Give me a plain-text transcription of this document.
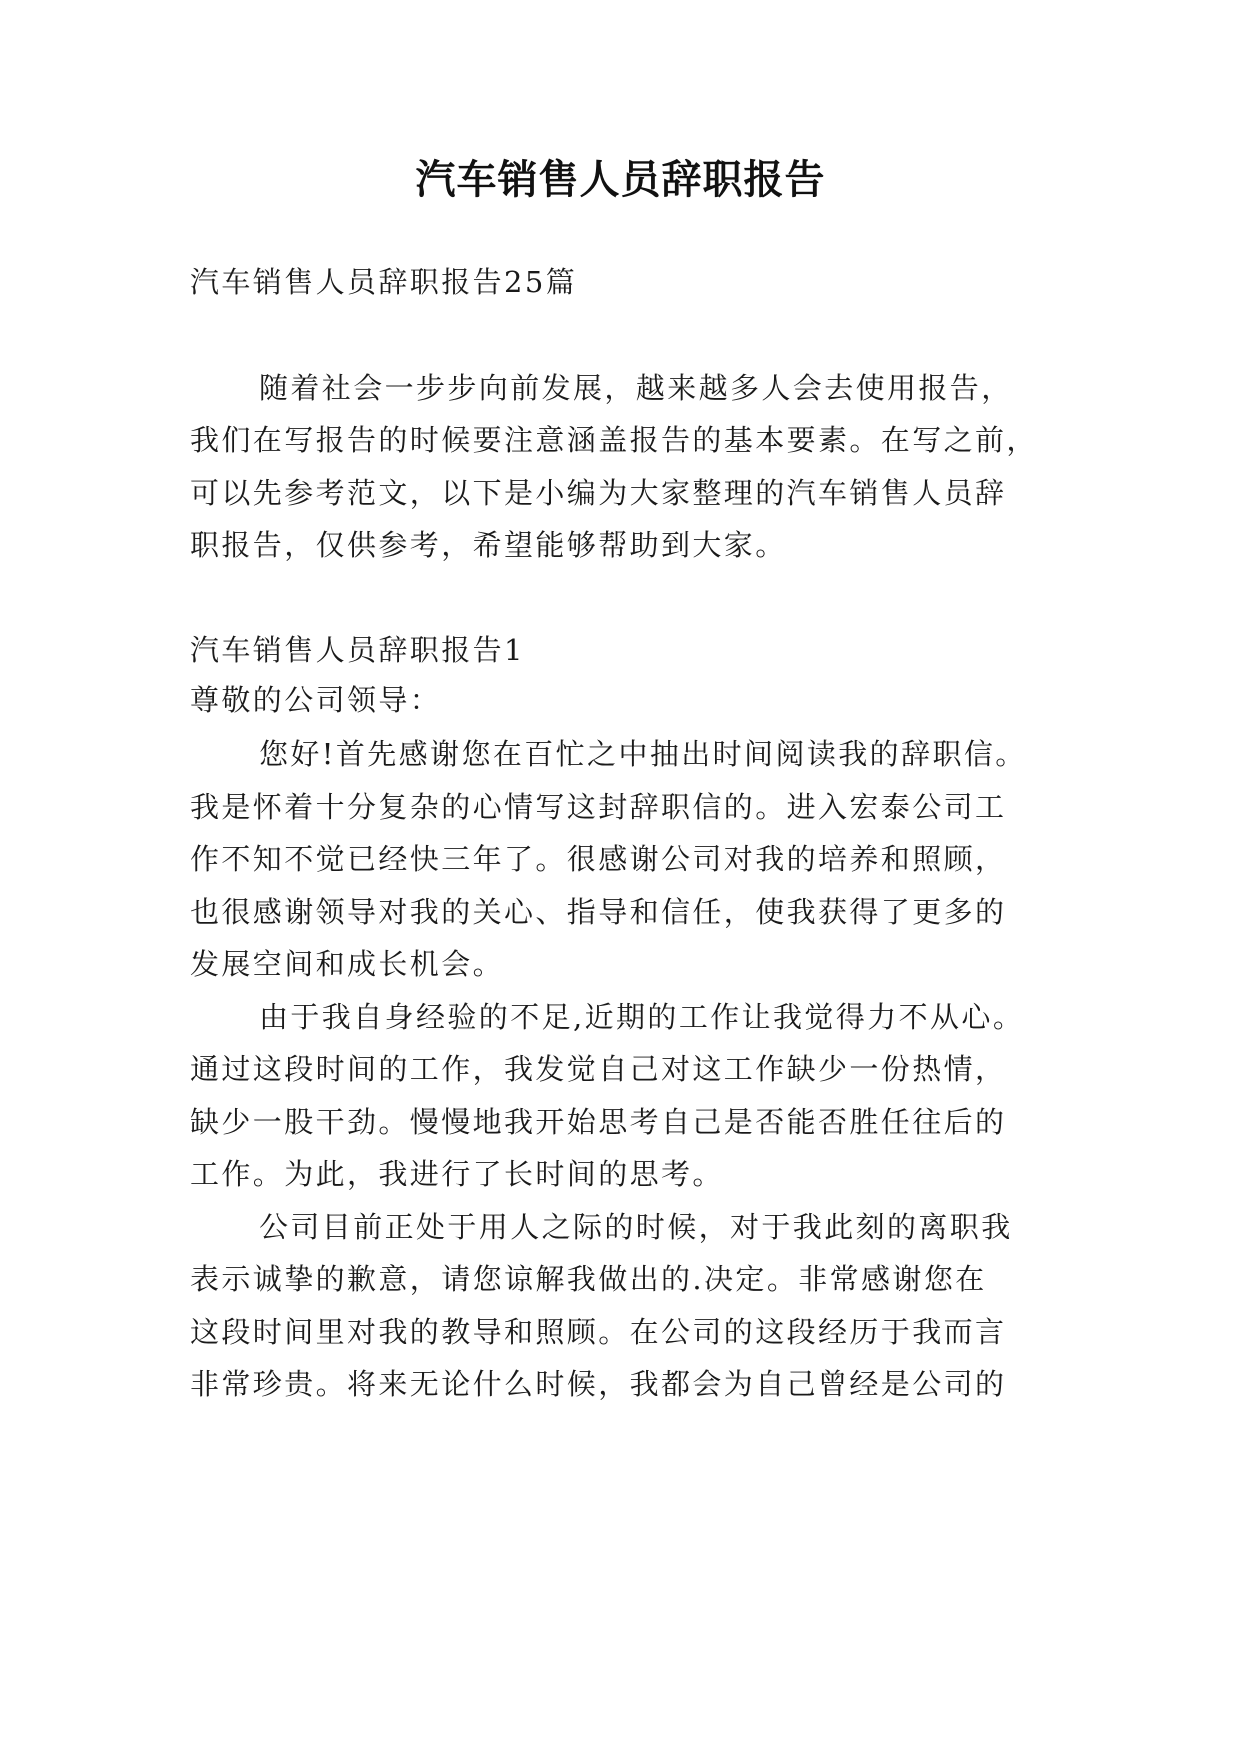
汽车销售人员辞职报告
汽车销售人员辞职报告25篇
随着社会一步步向前发展，越来越多人会去使用报告，
我们在写报告的时候要注意涵盖报告的基本要素。在写之前，
可以先参考范文，以下是小编为大家整理的汽车销售人员辞
职报告，仅供参考，希望能够帮助到大家。
汽车销售人员辞职报告1
尊敬的公司领导：
您好!首先感谢您在百忙之中抽出时间阅读我的辞职信。
我是怀着十分复杂的心情写这封辞职信的。进入宏泰公司工
作不知不觉已经快三年了。很感谢公司对我的培养和照顾，
也很感谢领导对我的关心、指导和信任，使我获得了更多的
发展空间和成长机会。
由于我自身经验的不足,近期的工作让我觉得力不从心。
通过这段时间的工作，我发觉自己对这工作缺少一份热情，
缺少一股干劲。慢慢地我开始思考自己是否能否胜任往后的
工作。为此，我进行了长时间的思考。
公司目前正处于用人之际的时候，对于我此刻的离职我
表示诚挚的歉意，请您谅解我做出的.决定。非常感谢您在
这段时间里对我的教导和照顾。在公司的这段经历于我而言
非常珍贵。将来无论什么时候，我都会为自己曾经是公司的
